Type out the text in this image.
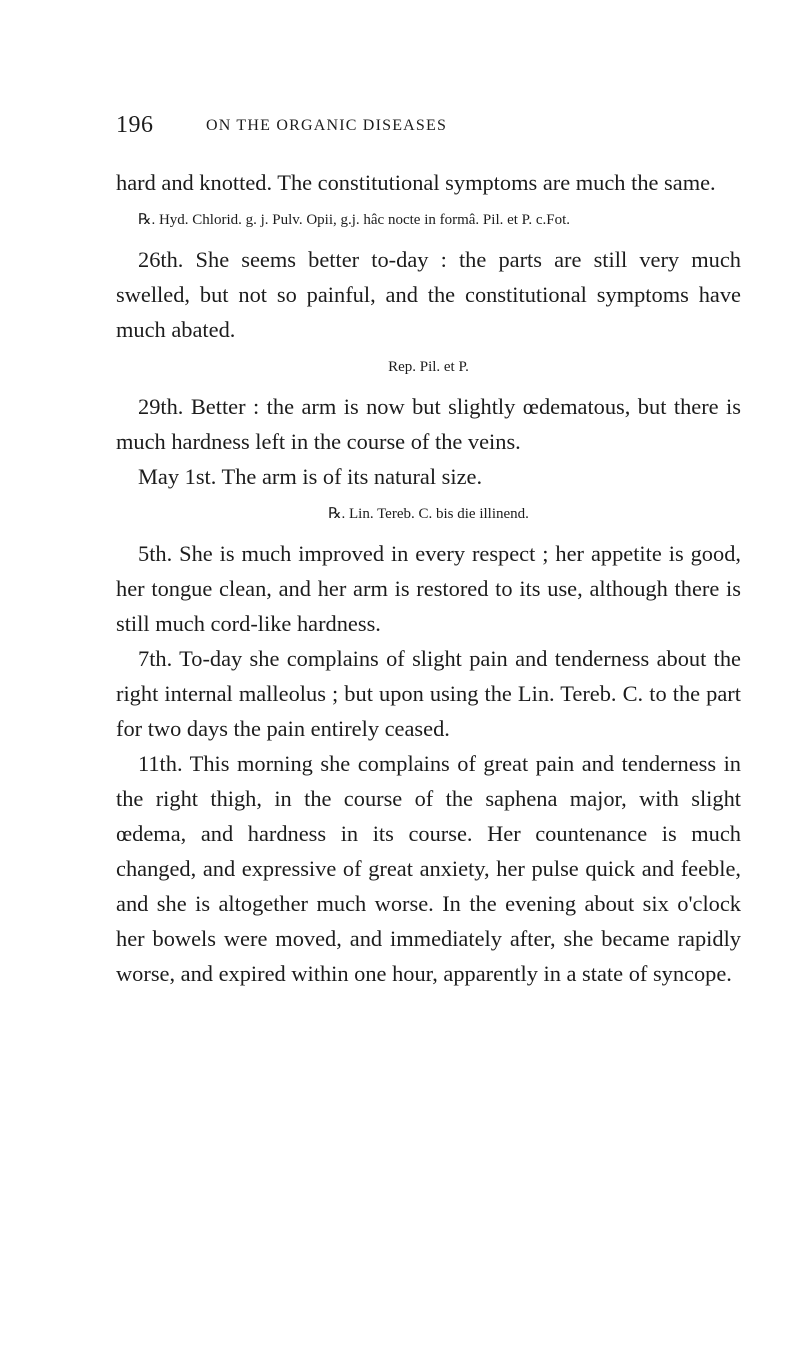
196	ON THE ORGANIC DISEASES

hard and knotted. The constitutional symptoms are much the same.

℞. Hyd. Chlorid. g. j. Pulv. Opii, g.j. hâc nocte in formâ. Pil. et P. c.Fot.

26th. She seems better to-day : the parts are still very much swelled, but not so painful, and the constitutional symptoms have much abated.

Rep. Pil. et P.

29th. Better : the arm is now but slightly œdematous, but there is much hardness left in the course of the veins.

May 1st. The arm is of its natural size.

℞. Lin. Tereb. C. bis die illinend.

5th. She is much improved in every respect ; her appetite is good, her tongue clean, and her arm is restored to its use, although there is still much cord-like hardness.

7th. To-day she complains of slight pain and tenderness about the right internal malleolus ; but upon using the Lin. Tereb. C. to the part for two days the pain entirely ceased.

11th. This morning she complains of great pain and tenderness in the right thigh, in the course of the saphena major, with slight œdema, and hardness in its course. Her countenance is much changed, and expressive of great anxiety, her pulse quick and feeble, and she is altogether much worse. In the evening about six o'clock her bowels were moved, and immediately after, she became rapidly worse, and expired within one hour, apparently in a state of syncope.
